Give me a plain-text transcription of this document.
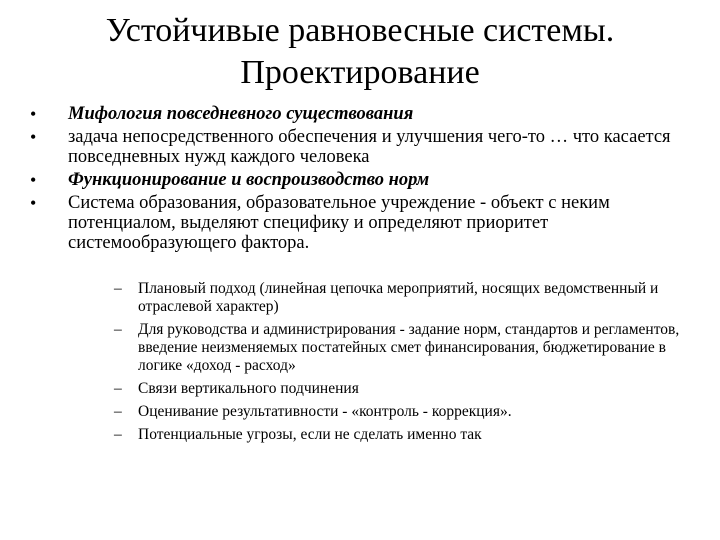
Устойчивые равновесные системы.
Проектирование
•	Мифология повседневного существования
•	задача непосредственного обеспечения и улучшения чего-то … что касается повседневных нужд каждого человека
•	Функционирование и воспроизводство норм
•	Система образования, образовательное учреждение - объект с неким потенциалом, выделяют специфику и определяют приоритет системообразующего фактора.
–	Плановый подход (линейная цепочка мероприятий, носящих ведомственный и отраслевой характер)
–	Для руководства и администрирования - задание норм, стандартов и регламентов, введение неизменяемых постатейных смет финансирования, бюджетирование в логике «доход - расход»
–	Связи вертикального подчинения
–	Оценивание результативности - «контроль - коррекция».
–	Потенциальные угрозы, если не сделать именно так
